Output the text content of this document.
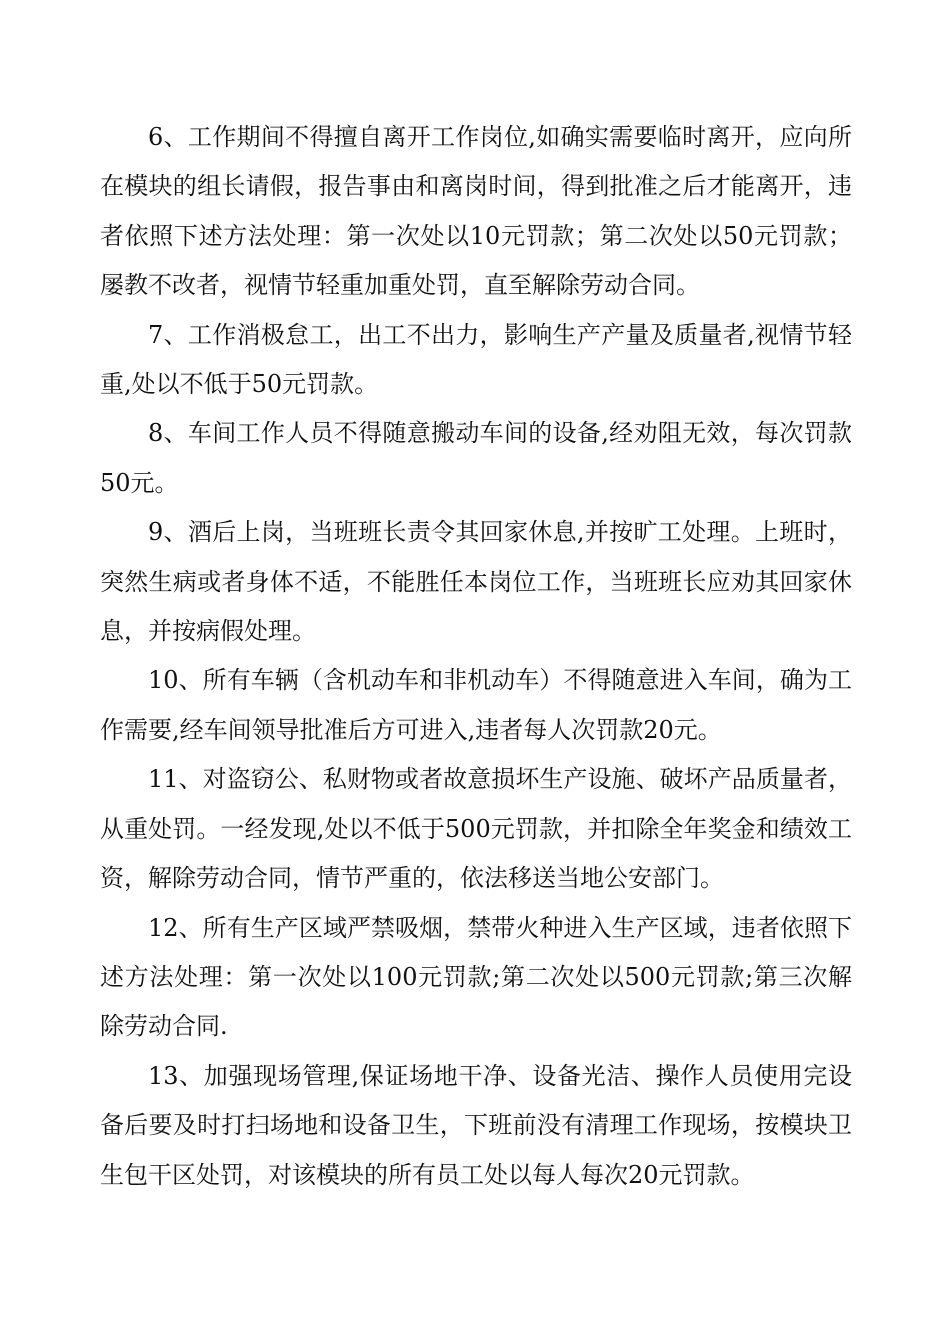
6、工作期间不得擅自离开工作岗位,如确实需要临时离开，应向所在模块的组长请假，报告事由和离岗时间，得到批准之后才能离开，违者依照下述方法处理：第一次处以10元罚款；第二次处以50元罚款；屡教不改者，视情节轻重加重处罚，直至解除劳动合同。

7、工作消极怠工，出工不出力，影响生产产量及质量者,视情节轻重,处以不低于50元罚款。

8、车间工作人员不得随意搬动车间的设备,经劝阻无效，每次罚款50元。

9、酒后上岗，当班班长责令其回家休息,并按旷工处理。上班时，突然生病或者身体不适，不能胜任本岗位工作，当班班长应劝其回家休息，并按病假处理。

10、所有车辆（含机动车和非机动车）不得随意进入车间，确为工作需要,经车间领导批准后方可进入,违者每人次罚款20元。

11、对盗窃公、私财物或者故意损坏生产设施、破坏产品质量者，从重处罚。一经发现,处以不低于500元罚款，并扣除全年奖金和绩效工资，解除劳动合同，情节严重的，依法移送当地公安部门。

12、所有生产区域严禁吸烟，禁带火种进入生产区域，违者依照下述方法处理：第一次处以100元罚款;第二次处以500元罚款;第三次解除劳动合同.

13、加强现场管理,保证场地干净、设备光洁、操作人员使用完设备后要及时打扫场地和设备卫生，下班前没有清理工作现场，按模块卫生包干区处罚，对该模块的所有员工处以每人每次20元罚款。
